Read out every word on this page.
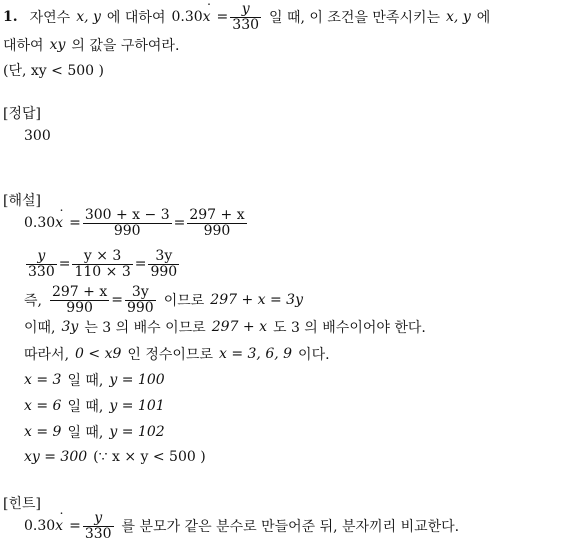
1. 자연수 x, y 에 대하여 0.30˙ $x = \frac{y}{330}$ 일 때, 이 조건을 만족시키는 x, y 에
대하여 xy 의 값을 구하여라.
(단, xy < 500 )
[정답]
300
[해설]
0.30˙ $x = \frac{300 + x - 3}{990} = \frac{297 + x}{990}$
$\frac{y}{330} = \frac{y \times 3}{110 \times 3} = \frac{3y}{990}$
즉, $\frac{297 + x}{990} = \frac{3y}{990}$ 이므로 297 + x = 3y
이때, 3y 는 3 의 배수 이므로 297 + x 도 3 의 배수이어야 한다.
따라서, 0 < x9 인 정수이므로 x = 3, 6, 9 이다.
x = 3 일 때, y = 100
x = 6 일 때, y = 101
x = 9 일 때, y = 102
xy = 300 (∵ x × y < 500 )
[힌트]
0.30˙ $x = \frac{y}{330}$ 를 분모가 같은 분수로 만들어준 뒤, 분자끼리 비교한다.
